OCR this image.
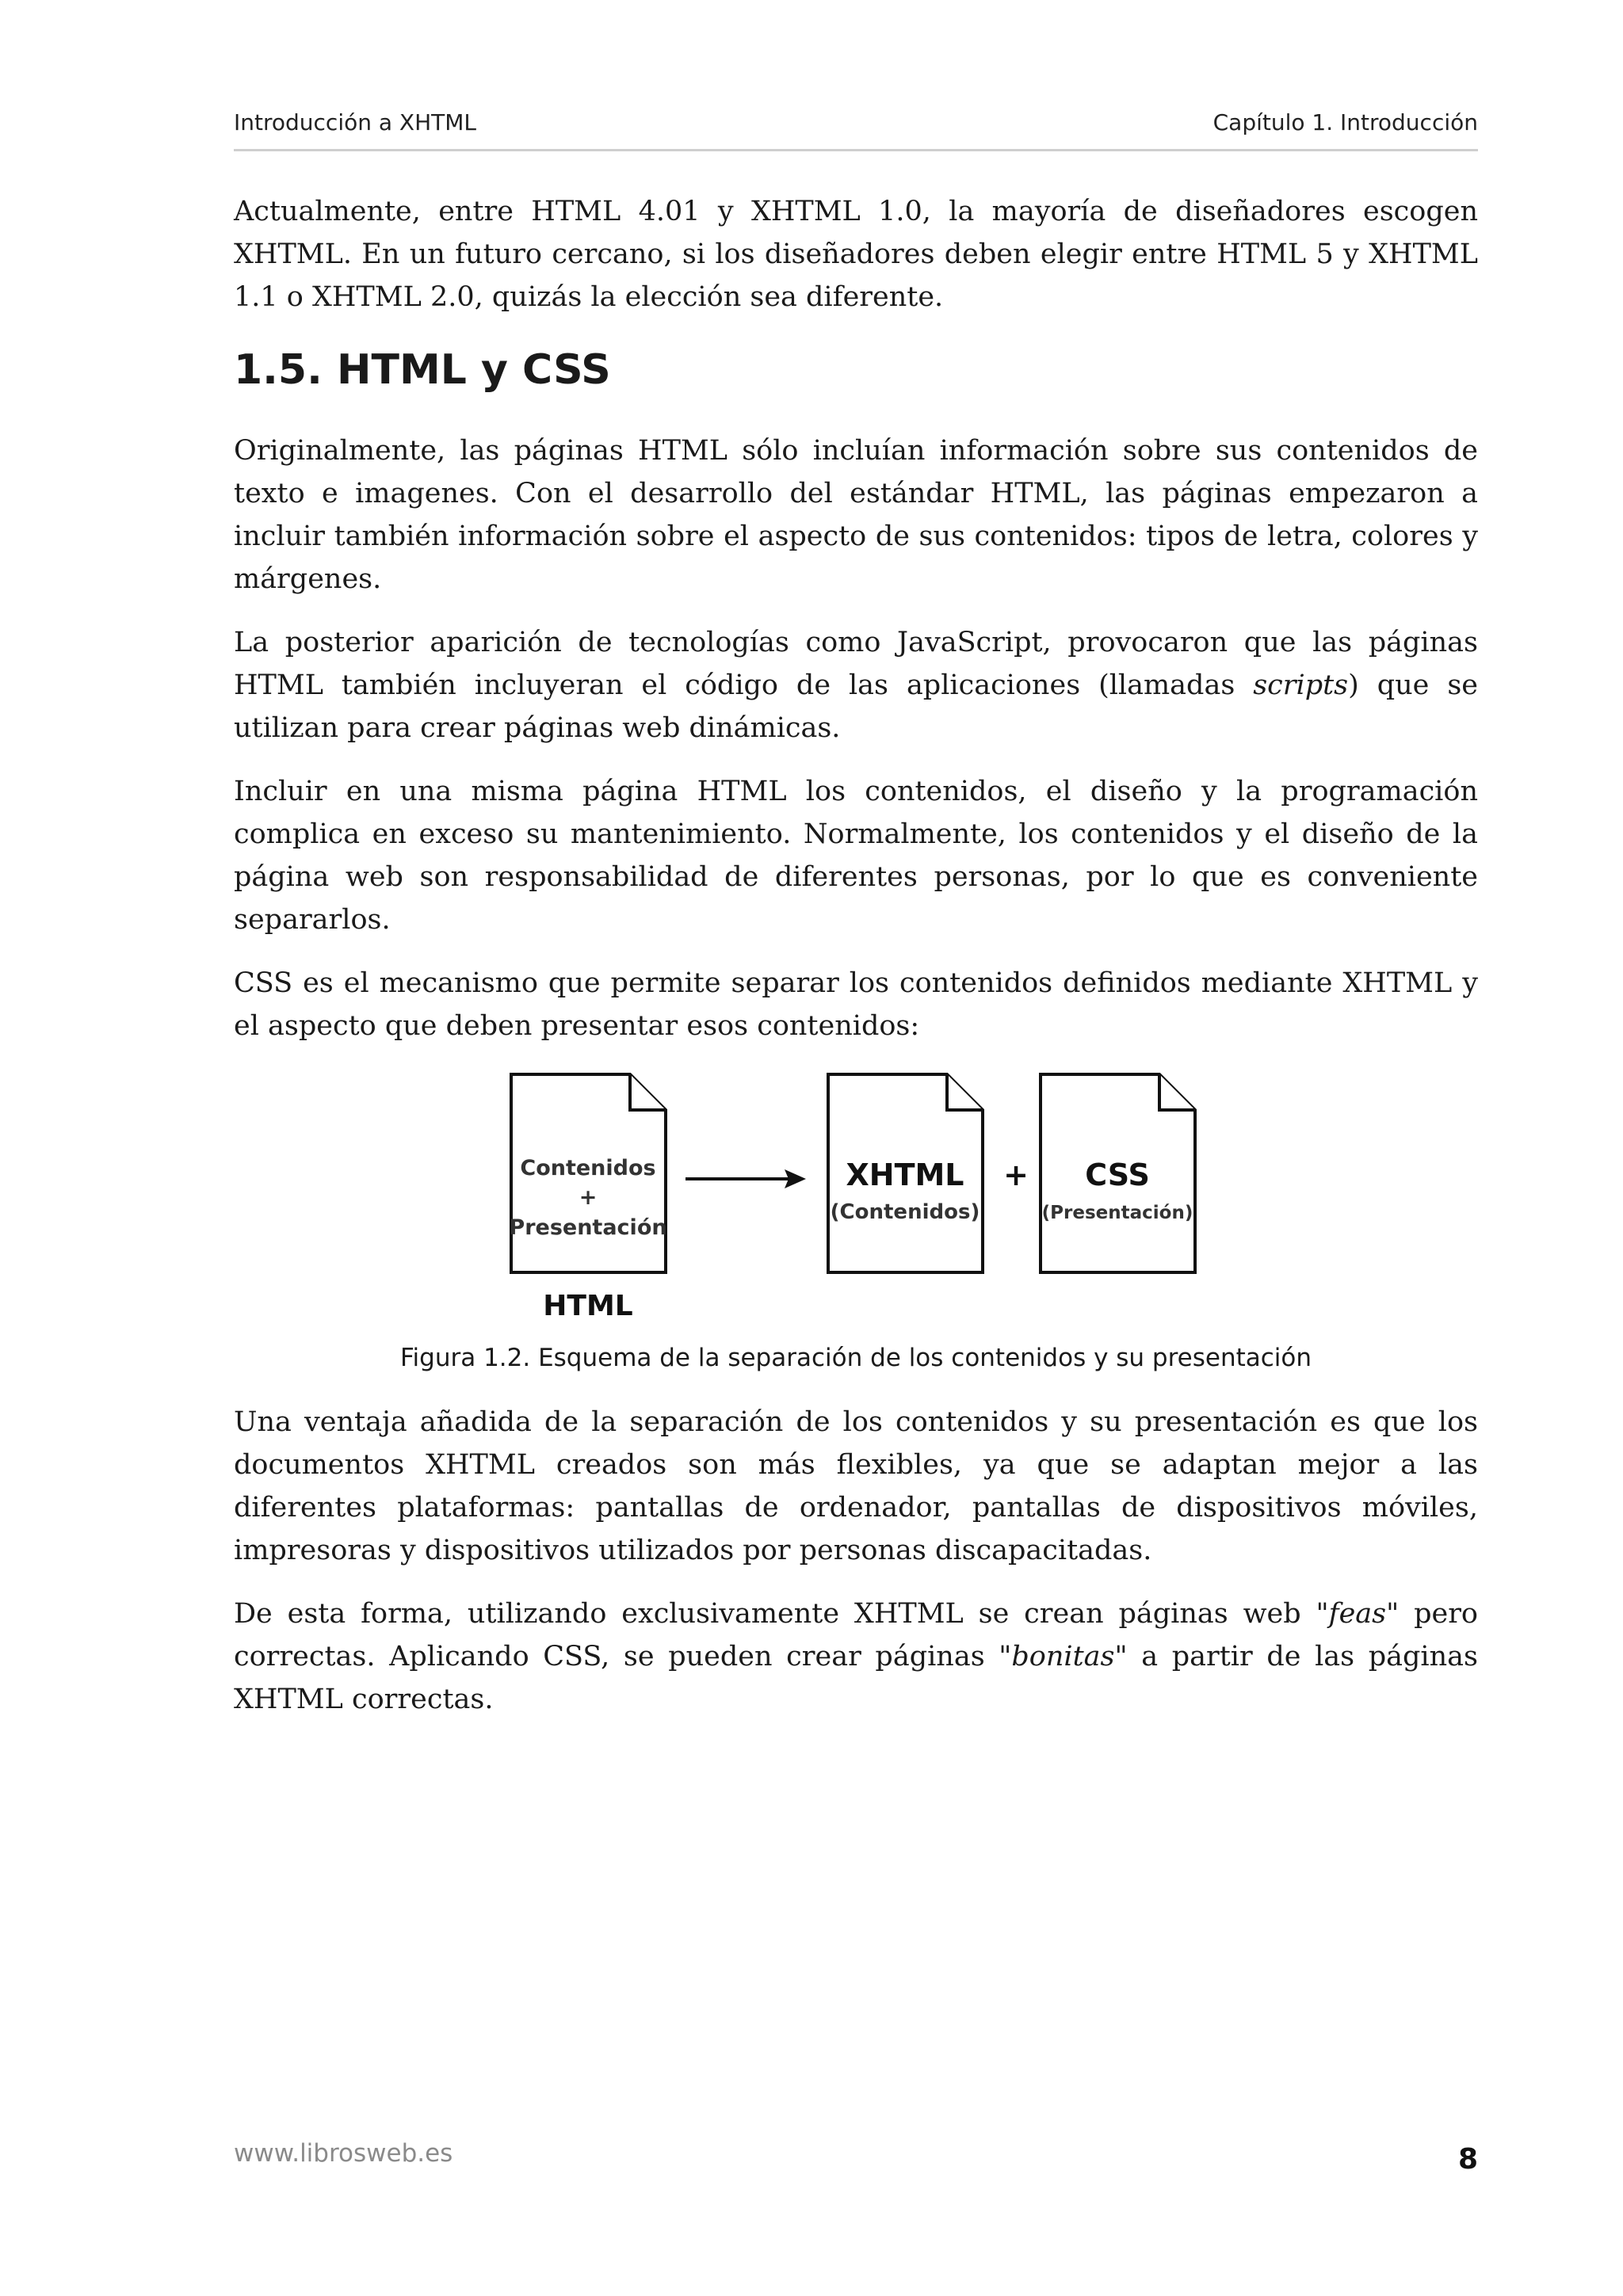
Introducción a XHTML	Capítulo 1. Introducción

Actualmente, entre HTML 4.01 y XHTML 1.0, la mayoría de diseñadores escogen XHTML. En un futuro cercano, si los diseñadores deben elegir entre HTML 5 y XHTML 1.1 o XHTML 2.0, quizás la elección sea diferente.

1.5. HTML y CSS

Originalmente, las páginas HTML sólo incluían información sobre sus contenidos de texto e imagenes. Con el desarrollo del estándar HTML, las páginas empezaron a incluir también información sobre el aspecto de sus contenidos: tipos de letra, colores y márgenes.

La posterior aparición de tecnologías como JavaScript, provocaron que las páginas HTML también incluyeran el código de las aplicaciones (llamadas scripts) que se utilizan para crear páginas web dinámicas.

Incluir en una misma página HTML los contenidos, el diseño y la programación complica en exceso su mantenimiento. Normalmente, los contenidos y el diseño de la página web son responsabilidad de diferentes personas, por lo que es conveniente separarlos.

CSS es el mecanismo que permite separar los contenidos definidos mediante XHTML y el aspecto que deben presentar esos contenidos:

Contenidos
+
Presentación
HTML
XHTML
(Contenidos)
+ CSS
(Presentación)
Figura 1.2. Esquema de la separación de los contenidos y su presentación

Una ventaja añadida de la separación de los contenidos y su presentación es que los documentos XHTML creados son más flexibles, ya que se adaptan mejor a las diferentes plataformas: pantallas de ordenador, pantallas de dispositivos móviles, impresoras y dispositivos utilizados por personas discapacitadas.

De esta forma, utilizando exclusivamente XHTML se crean páginas web "feas" pero correctas. Aplicando CSS, se pueden crear páginas "bonitas" a partir de las páginas XHTML correctas.

www.librosweb.es	8
